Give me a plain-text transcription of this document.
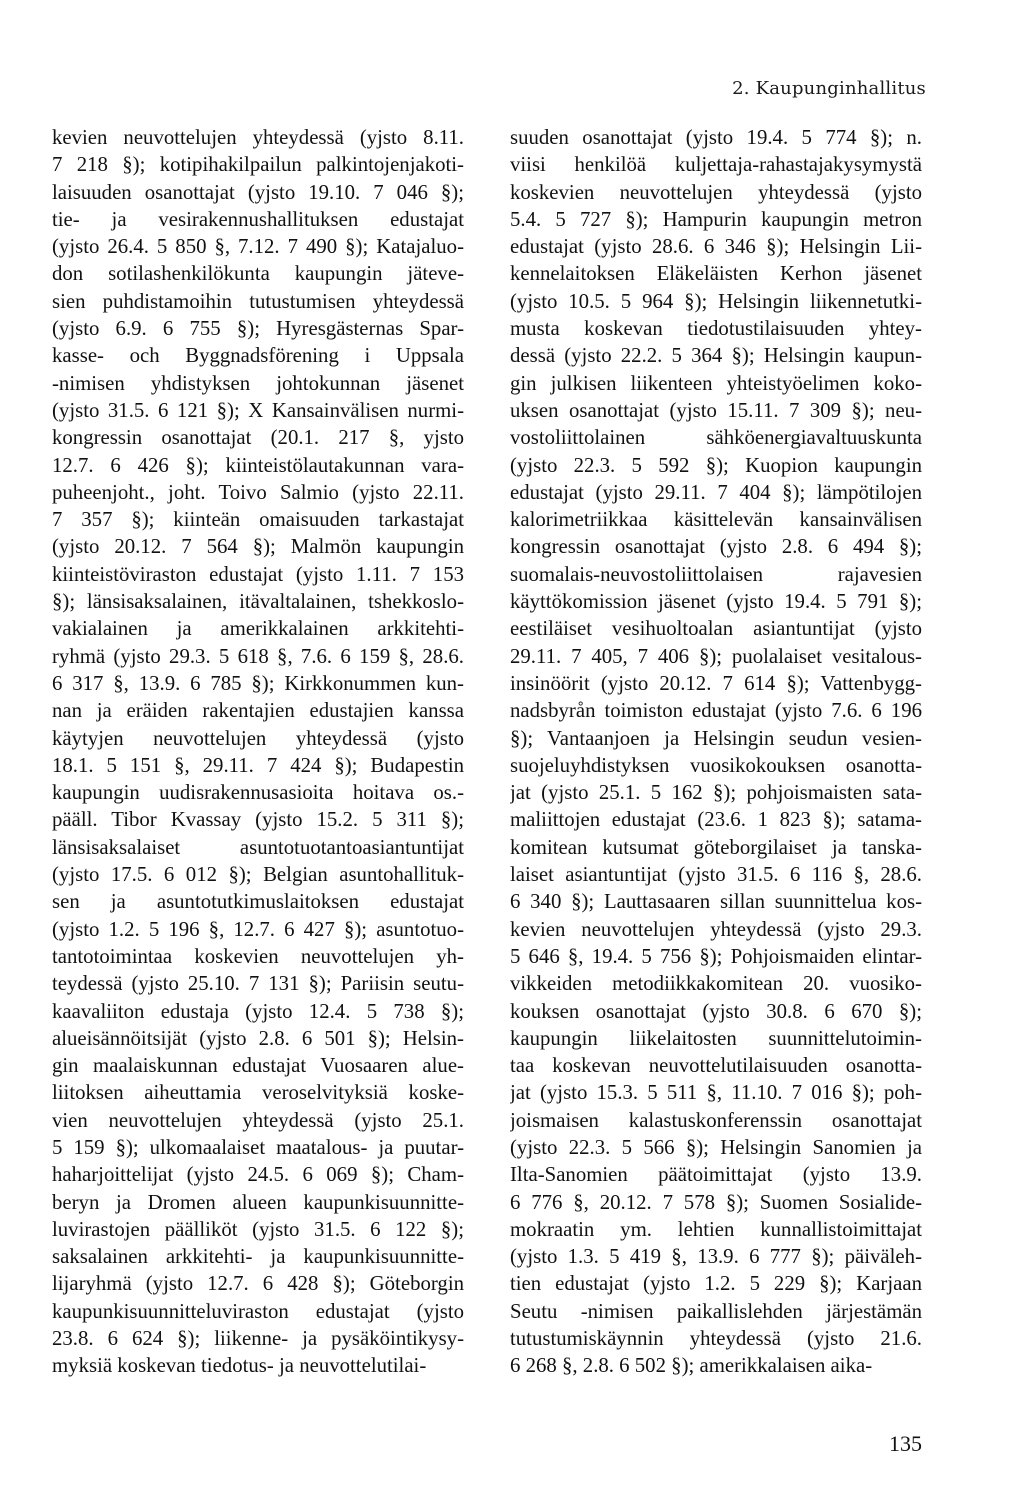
2. Kaupunginhallitus
kevien neuvottelujen yhteydessä (yjsto 8.11.
7 218 §); kotipihakilpailun palkintojenjakoti-
laisuuden osanottajat (yjsto 19.10. 7 046 §);
tie- ja vesirakennushallituksen edustajat
(yjsto 26.4. 5 850 §, 7.12. 7 490 §); Katajaluo-
don sotilashenkilökunta kaupungin jäteve-
sien puhdistamoihin tutustumisen yhteydessä
(yjsto 6.9. 6 755 §); Hyresgästernas Spar-
kasse- och Byggnadsförening i Uppsala
-nimisen yhdistyksen johtokunnan jäsenet
(yjsto 31.5. 6 121 §); X Kansainvälisen nurmi-
kongressin osanottajat (20.1. 217 §, yjsto
12.7. 6 426 §); kiinteistölautakunnan vara-
puheenjoht., joht. Toivo Salmio (yjsto 22.11.
7 357 §); kiinteän omaisuuden tarkastajat
(yjsto 20.12. 7 564 §); Malmön kaupungin
kiinteistöviraston edustajat (yjsto 1.11. 7 153
§); länsisaksalainen, itävaltalainen, tshekkoslo-
vakialainen ja amerikkalainen arkkitehti-
ryhmä (yjsto 29.3. 5 618 §, 7.6. 6 159 §, 28.6.
6 317 §, 13.9. 6 785 §); Kirkkonummen kun-
nan ja eräiden rakentajien edustajien kanssa
käytyjen neuvottelujen yhteydessä (yjsto
18.1. 5 151 §, 29.11. 7 424 §); Budapestin
kaupungin uudisrakennusasioita hoitava os.-
pääll. Tibor Kvassay (yjsto 15.2. 5 311 §);
länsisaksalaiset asuntotuotantoasiantuntijat
(yjsto 17.5. 6 012 §); Belgian asuntohallituk-
sen ja asuntotutkimuslaitoksen edustajat
(yjsto 1.2. 5 196 §, 12.7. 6 427 §); asuntotuo-
tantotoimintaa koskevien neuvottelujen yh-
teydessä (yjsto 25.10. 7 131 §); Pariisin seutu-
kaavaliiton edustaja (yjsto 12.4. 5 738 §);
alueisännöitsijät (yjsto 2.8. 6 501 §); Helsin-
gin maalaiskunnan edustajat Vuosaaren alue-
liitoksen aiheuttamia veroselvityksiä koske-
vien neuvottelujen yhteydessä (yjsto 25.1.
5 159 §); ulkomaalaiset maatalous- ja puutar-
haharjoittelijat (yjsto 24.5. 6 069 §); Cham-
beryn ja Dromen alueen kaupunkisuunnitte-
luvirastojen päälliköt (yjsto 31.5. 6 122 §);
saksalainen arkkitehti- ja kaupunkisuunnitte-
lijaryhmä (yjsto 12.7. 6 428 §); Göteborgin
kaupunkisuunnitteluviraston edustajat (yjsto
23.8. 6 624 §); liikenne- ja pysäköintikysy-
myksiä koskevan tiedotus- ja neuvottelutilai-
suuden osanottajat (yjsto 19.4. 5 774 §); n.
viisi henkilöä kuljettaja-rahastajakysymystä
koskevien neuvottelujen yhteydessä (yjsto
5.4. 5 727 §); Hampurin kaupungin metron
edustajat (yjsto 28.6. 6 346 §); Helsingin Lii-
kennelaitoksen Eläkeläisten Kerhon jäsenet
(yjsto 10.5. 5 964 §); Helsingin liikennetutki-
musta koskevan tiedotustilaisuuden yhtey-
dessä (yjsto 22.2. 5 364 §); Helsingin kaupun-
gin julkisen liikenteen yhteistyöelimen koko-
uksen osanottajat (yjsto 15.11. 7 309 §); neu-
vostoliittolainen sähköenergiavaltuuskunta
(yjsto 22.3. 5 592 §); Kuopion kaupungin
edustajat (yjsto 29.11. 7 404 §); lämpötilojen
kalorimetriikkaa käsittelevän kansainvälisen
kongressin osanottajat (yjsto 2.8. 6 494 §);
suomalais-neuvostoliittolaisen rajavesien
käyttökomission jäsenet (yjsto 19.4. 5 791 §);
eestiläiset vesihuoltoalan asiantuntijat (yjsto
29.11. 7 405, 7 406 §); puolalaiset vesitalous-
insinöörit (yjsto 20.12. 7 614 §); Vattenbygg-
nadsbyrån toimiston edustajat (yjsto 7.6. 6 196
§); Vantaanjoen ja Helsingin seudun vesien-
suojeluyhdistyksen vuosikokouksen osanotta-
jat (yjsto 25.1. 5 162 §); pohjoismaisten sata-
maliittojen edustajat (23.6. 1 823 §); satama-
komitean kutsumat göteborgilaiset ja tanska-
laiset asiantuntijat (yjsto 31.5. 6 116 §, 28.6.
6 340 §); Lauttasaaren sillan suunnittelua kos-
kevien neuvottelujen yhteydessä (yjsto 29.3.
5 646 §, 19.4. 5 756 §); Pohjoismaiden elintar-
vikkeiden metodiikkakomitean 20. vuosiko-
kouksen osanottajat (yjsto 30.8. 6 670 §);
kaupungin liikelaitosten suunnittelutoimin-
taa koskevan neuvottelutilaisuuden osanotta-
jat (yjsto 15.3. 5 511 §, 11.10. 7 016 §); poh-
joismaisen kalastuskonferenssin osanottajat
(yjsto 22.3. 5 566 §); Helsingin Sanomien ja
Ilta-Sanomien päätoimittajat (yjsto 13.9.
6 776 §, 20.12. 7 578 §); Suomen Sosialide-
mokraatin ym. lehtien kunnallistoimittajat
(yjsto 1.3. 5 419 §, 13.9. 6 777 §); päiväleh-
tien edustajat (yjsto 1.2. 5 229 §); Karjaan
Seutu -nimisen paikallislehden järjestämän
tutustumiskäynnin yhteydessä (yjsto 21.6.
6 268 §, 2.8. 6 502 §); amerikkalaisen aika-
135
